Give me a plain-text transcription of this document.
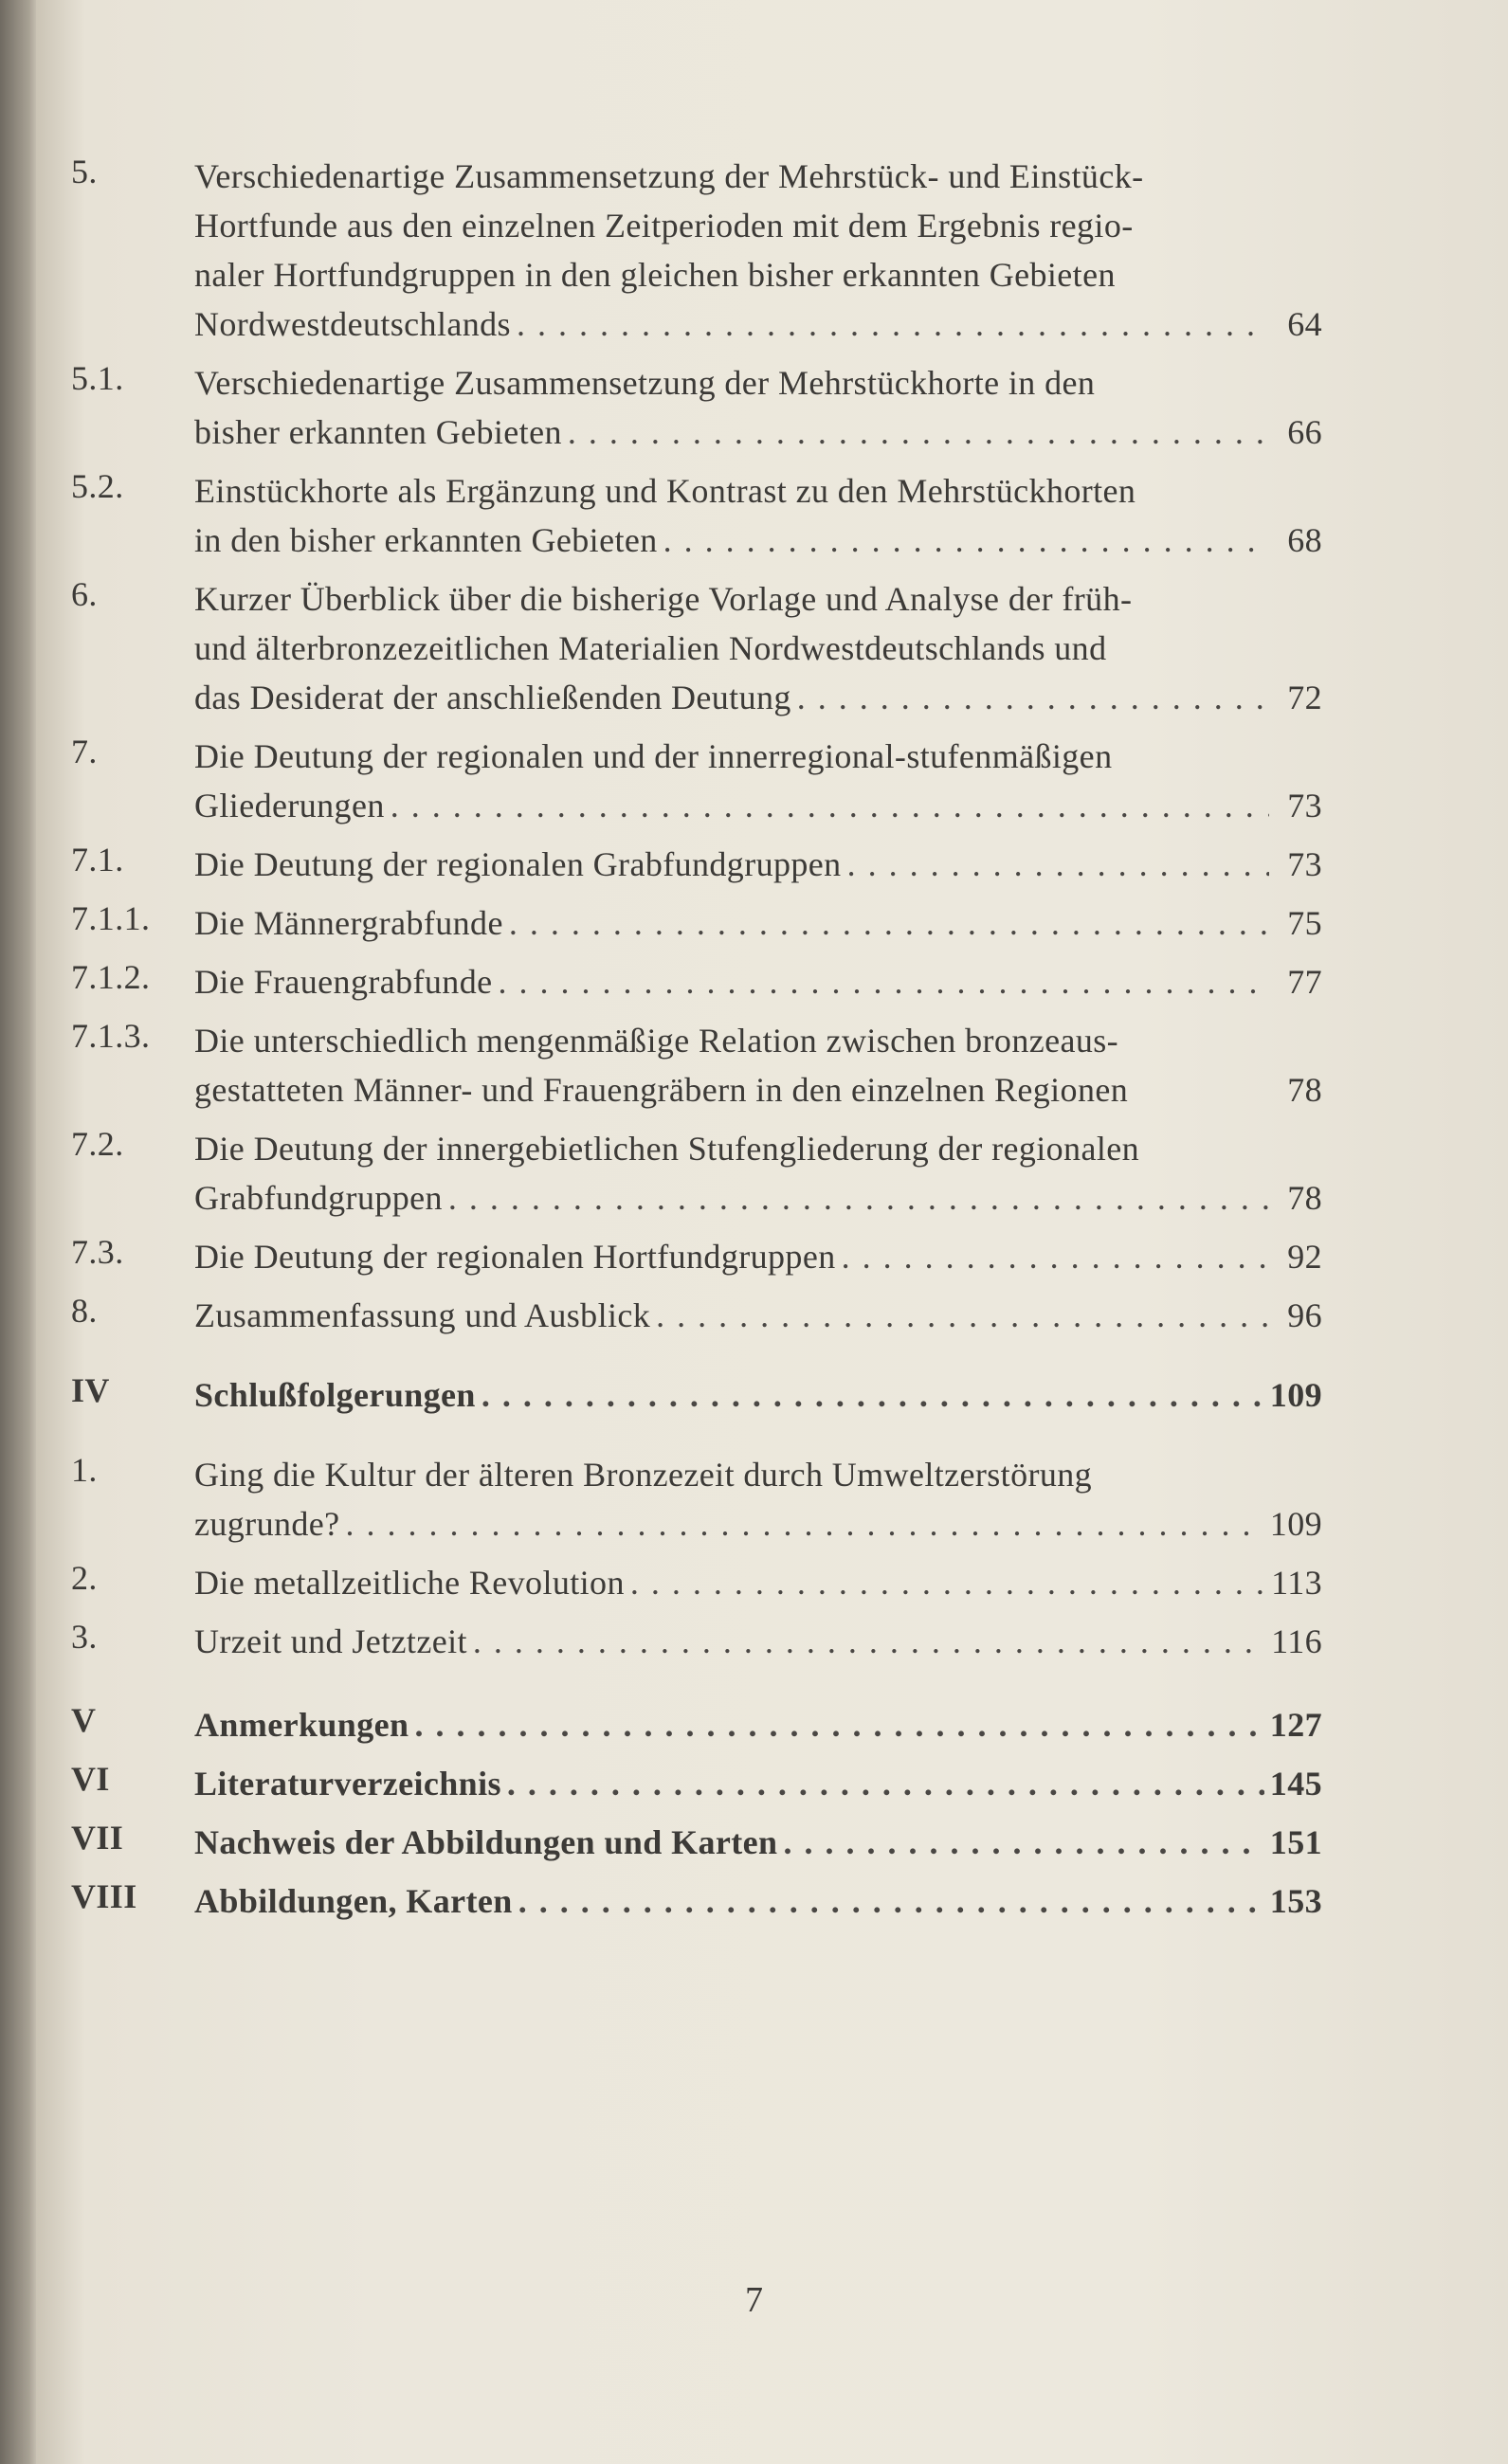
5.	Verschiedenartige Zusammensetzung der Mehrstück- und Einstück-
Hortfunde aus den einzelnen Zeitperioden mit dem Ergebnis regio-
naler Hortfundgruppen in den gleichen bisher erkannten Gebieten
Nordwestdeutschlands . . .	64
5.1. Verschiedenartige Zusammensetzung der Mehrstückhorte in den
bisher erkannten Gebieten . . .	66
5.2. Einstückhorte als Ergänzung und Kontrast zu den Mehrstückhorten
in den bisher erkannten Gebieten . . .	68
6.	Kurzer Überblick über die bisherige Vorlage und Analyse der früh-
und älterbronzezeitlichen Materialien Nordwestdeutschlands und
das Desiderat der anschließenden Deutung . . .	72
7.	Die Deutung der regionalen und der innerregional-stufenmäßigen
Gliederungen . . .	73
7.1. Die Deutung der regionalen Grabfundgruppen . . .	73
7.1.1. Die Männergrabfunde . . .	75
7.1.2. Die Frauengrabfunde . . .	77
7.1.3. Die unterschiedlich mengenmäßige Relation zwischen bronzeaus-
gestatteten Männer- und Frauengräbern in den einzelnen Regionen	78
7.2. Die Deutung der innergebietlichen Stufengliederung der regionalen
Grabfundgruppen . . .	78
7.3. Die Deutung der regionalen Hortfundgruppen . . .	92
8.	Zusammenfassung und Ausblick . . .	96
IV Schlußfolgerungen . . .	109
1.	Ging die Kultur der älteren Bronzezeit durch Umweltzerstörung
zugrunde? . . .	109
2.	Die metallzeitliche Revolution . . .	113
3.	Urzeit und Jetztzeit . . .	116
V	Anmerkungen . . .	127
VI Literaturverzeichnis . . .	145
VII Nachweis der Abbildungen und Karten . . .	151
VIII Abbildungen, Karten . . .	153
7
